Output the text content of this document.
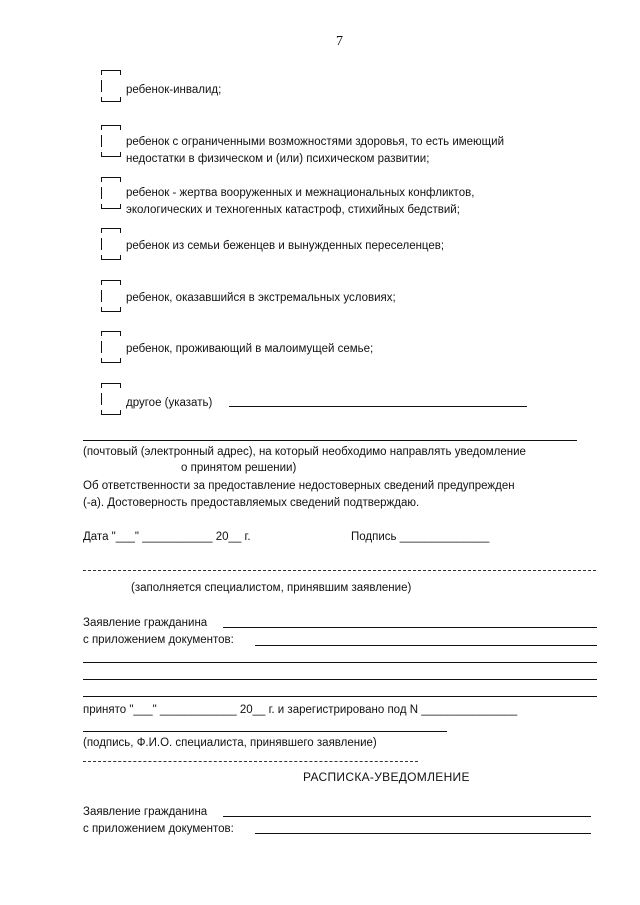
7
ребенок-инвалид;
ребенок с ограниченными возможностями здоровья, то есть имеющий
недостатки в физическом и (или) психическом развитии;
ребенок - жертва вооруженных и межнациональных конфликтов,
экологических и техногенных катастроф, стихийных бедствий;
ребенок из семьи беженцев и вынужденных переселенцев;
ребенок, оказавшийся в экстремальных условиях;
ребенок, проживающий в малоимущей семье;
другое (указать)
(почтовый (электронный адрес), на который необходимо направлять уведомление
о принятом решении)
Об ответственности за предоставление недостоверных сведений предупрежден
(-а). Достоверность предоставляемых сведений подтверждаю.
Дата "___" ___________ 20__ г.	Подпись ______________
(заполняется специалистом, принявшим заявление)
Заявление гражданина
с приложением документов:
принято "___" ____________ 20__ г. и зарегистрировано под N _______________
(подпись, Ф.И.О. специалиста, принявшего заявление)
РАСПИСКА-УВЕДОМЛЕНИЕ
Заявление гражданина
с приложением документов:
